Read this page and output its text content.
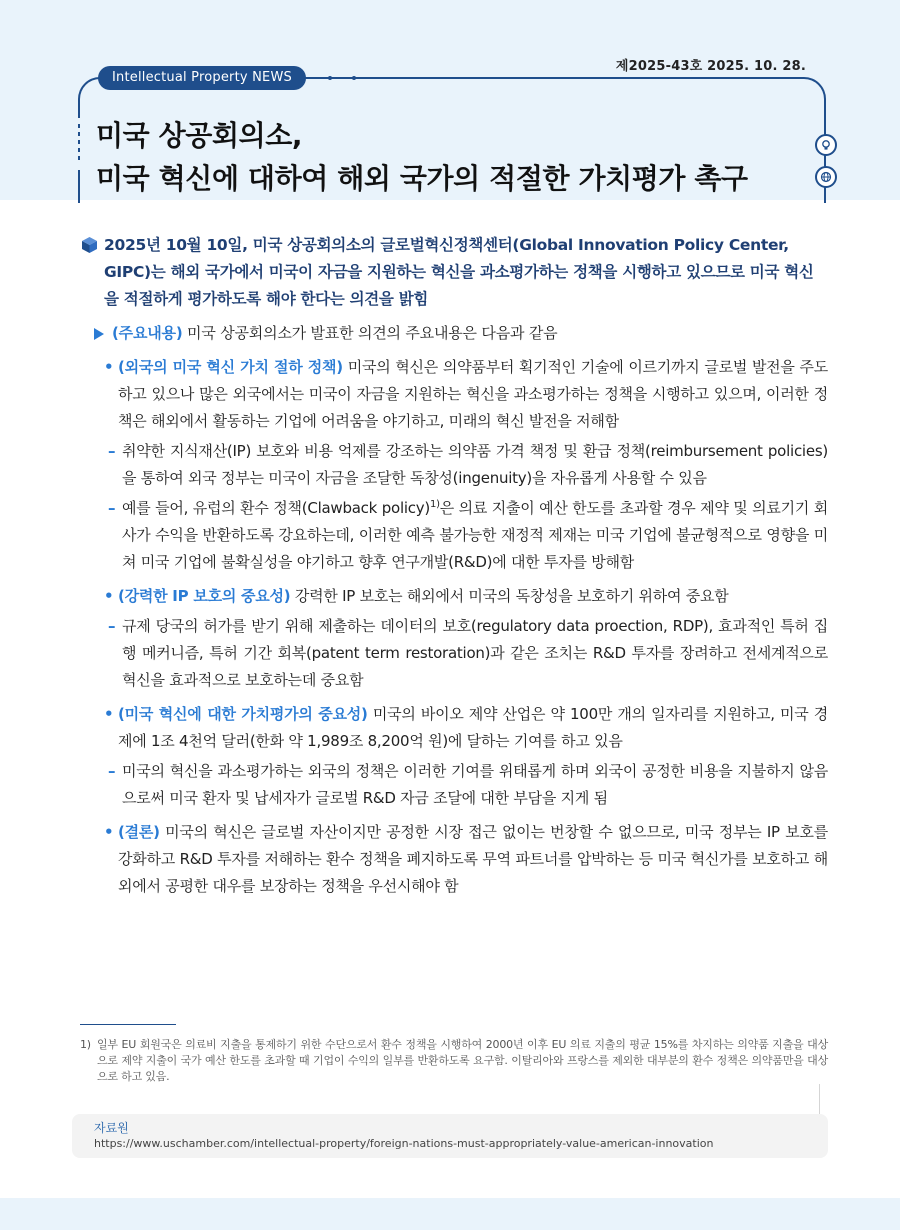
제2025-43호 2025. 10. 28.
Intellectual Property NEWS
미국 상공회의소,
미국 혁신에 대하여 해외 국가의 적절한 가치평가 촉구
2025년 10월 10일, 미국 상공회의소의 글로벌혁신정책센터(Global Innovation Policy Center, GIPC)는 해외 국가에서 미국이 자금을 지원하는 혁신을 과소평가하는 정책을 시행하고 있으므로 미국 혁신을 적절하게 평가하도록 해야 한다는 의견을 밝힘
(주요내용) 미국 상공회의소가 발표한 의견의 주요내용은 다음과 같음
• (외국의 미국 혁신 가치 절하 정책) 미국의 혁신은 의약품부터 획기적인 기술에 이르기까지 글로벌 발전을 주도하고 있으나 많은 외국에서는 미국이 자금을 지원하는 혁신을 과소평가하는 정책을 시행하고 있으며, 이러한 정책은 해외에서 활동하는 기업에 어려움을 야기하고, 미래의 혁신 발전을 저해함
– 취약한 지식재산(IP) 보호와 비용 억제를 강조하는 의약품 가격 책정 및 환급 정책(reimbursement policies)을 통하여 외국 정부는 미국이 자금을 조달한 독창성(ingenuity)을 자유롭게 사용할 수 있음
– 예를 들어, 유럽의 환수 정책(Clawback policy)$^{1)}$은 의료 지출이 예산 한도를 초과할 경우 제약 및 의료기기 회사가 수익을 반환하도록 강요하는데, 이러한 예측 불가능한 재정적 제재는 미국 기업에 불균형적으로 영향을 미쳐 미국 기업에 불확실성을 야기하고 향후 연구개발(R&D)에 대한 투자를 방해함
• (강력한 IP 보호의 중요성) 강력한 IP 보호는 해외에서 미국의 독창성을 보호하기 위하여 중요함
– 규제 당국의 허가를 받기 위해 제출하는 데이터의 보호(regulatory data proection, RDP), 효과적인 특허 집행 메커니즘, 특허 기간 회복(patent term restoration)과 같은 조치는 R&D 투자를 장려하고 전세계적으로 혁신을 효과적으로 보호하는데 중요함
• (미국 혁신에 대한 가치평가의 중요성) 미국의 바이오 제약 산업은 약 100만 개의 일자리를 지원하고, 미국 경제에 1조 4천억 달러(한화 약 1,989조 8,200억 원)에 달하는 기여를 하고 있음
– 미국의 혁신을 과소평가하는 외국의 정책은 이러한 기여를 위태롭게 하며 외국이 공정한 비용을 지불하지 않음으로써 미국 환자 및 납세자가 글로벌 R&D 자금 조달에 대한 부담을 지게 됨
• (결론) 미국의 혁신은 글로벌 자산이지만 공정한 시장 접근 없이는 번창할 수 없으므로, 미국 정부는 IP 보호를 강화하고 R&D 투자를 저해하는 환수 정책을 폐지하도록 무역 파트너를 압박하는 등 미국 혁신가를 보호하고 해외에서 공평한 대우를 보장하는 정책을 우선시해야 함
1) 일부 EU 회원국은 의료비 지출을 통제하기 위한 수단으로서 환수 정책을 시행하여 2000년 이후 EU 의료 지출의 평균 15%를 차지하는 의약품 지출을 대상으로 제약 지출이 국가 예산 한도를 초과할 때 기업이 수익의 일부를 반환하도록 요구함. 이탈리아와 프랑스를 제외한 대부분의 환수 정책은 의약품만을 대상으로 하고 있음.
자료원
https://www.uschamber.com/intellectual-property/foreign-nations-must-appropriately-value-american-innovation
